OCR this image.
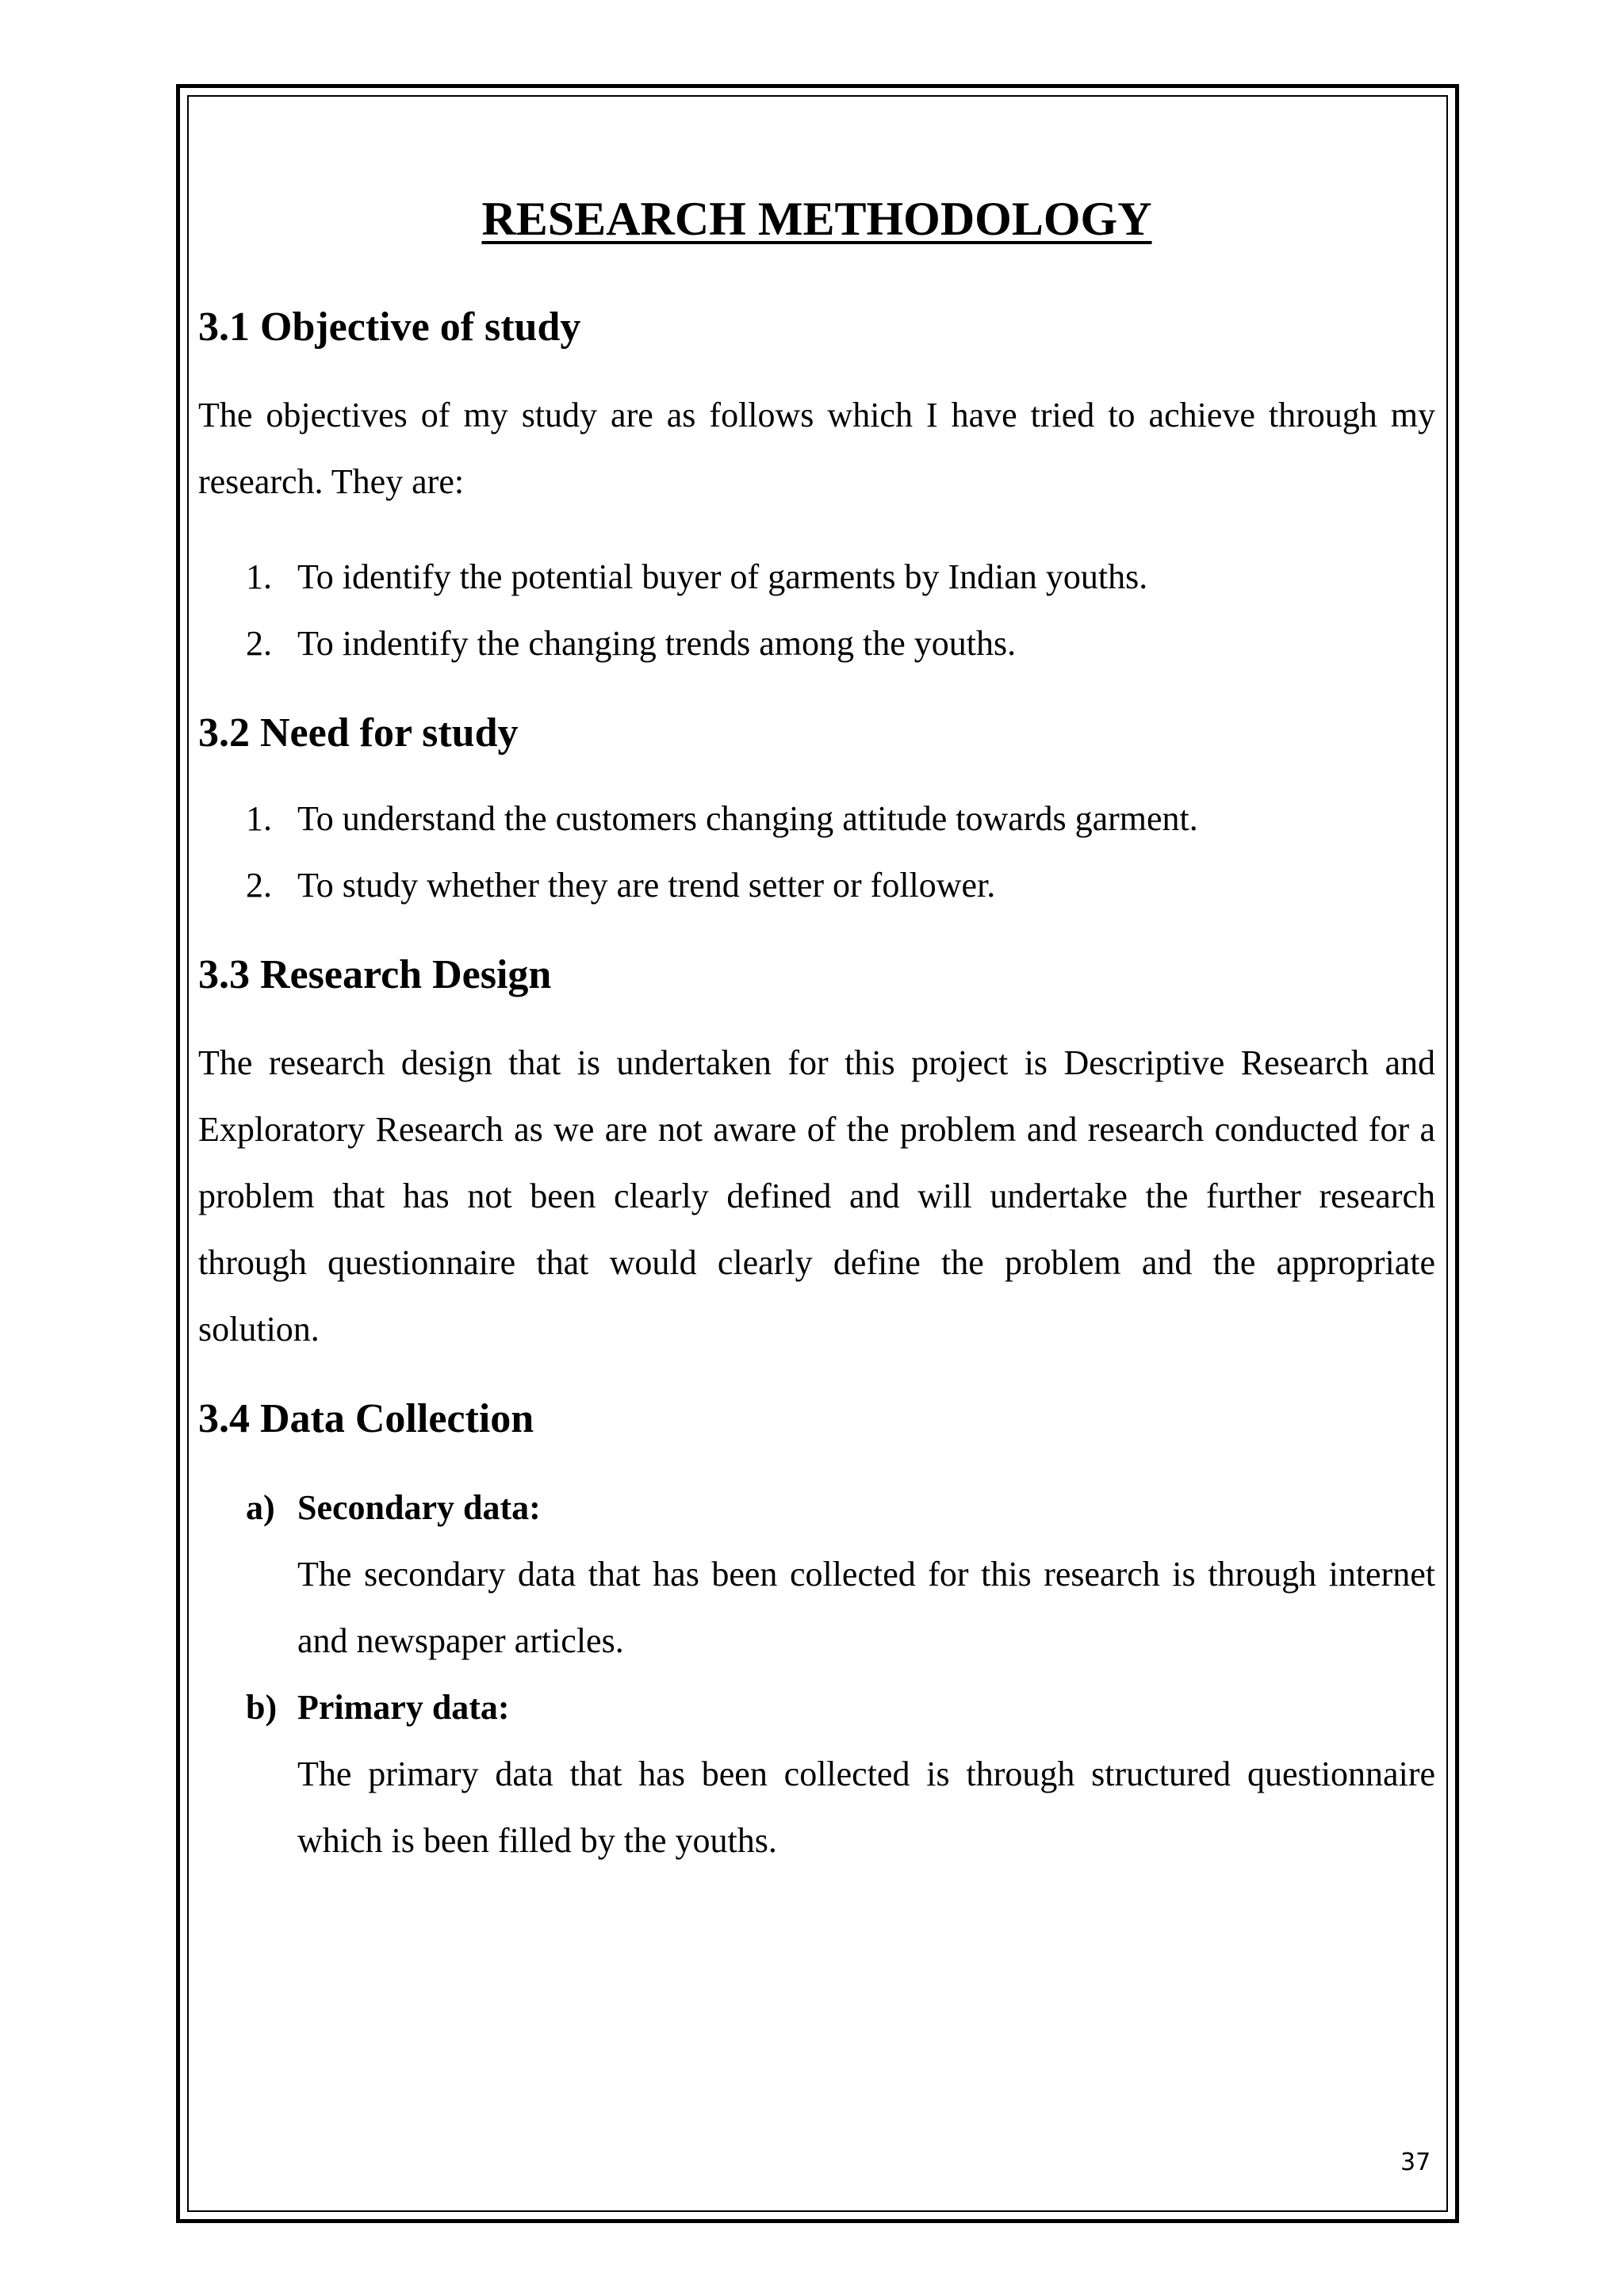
RESEARCH METHODOLOGY
3.1 Objective of study

The objectives of my study are as follows which I have tried to achieve through my research. They are:

1. To identify the potential buyer of garments by Indian youths.
2. To indentify the changing trends among the youths.
3.2 Need for study
1. To understand the customers changing attitude towards garment.
2. To study whether they are trend setter or follower.
3.3 Research Design

The research design that is undertaken for this project is Descriptive Research and Exploratory Research as we are not aware of the problem and research conducted for a problem that has not been clearly defined and will undertake the further research through questionnaire that would clearly define the problem and the appropriate solution.

3.4 Data Collection
a) Secondary data:
The secondary data that has been collected for this research is through internet and newspaper articles.
b) Primary data:
The primary data that has been collected is through structured questionnaire which is been filled by the youths.
37
